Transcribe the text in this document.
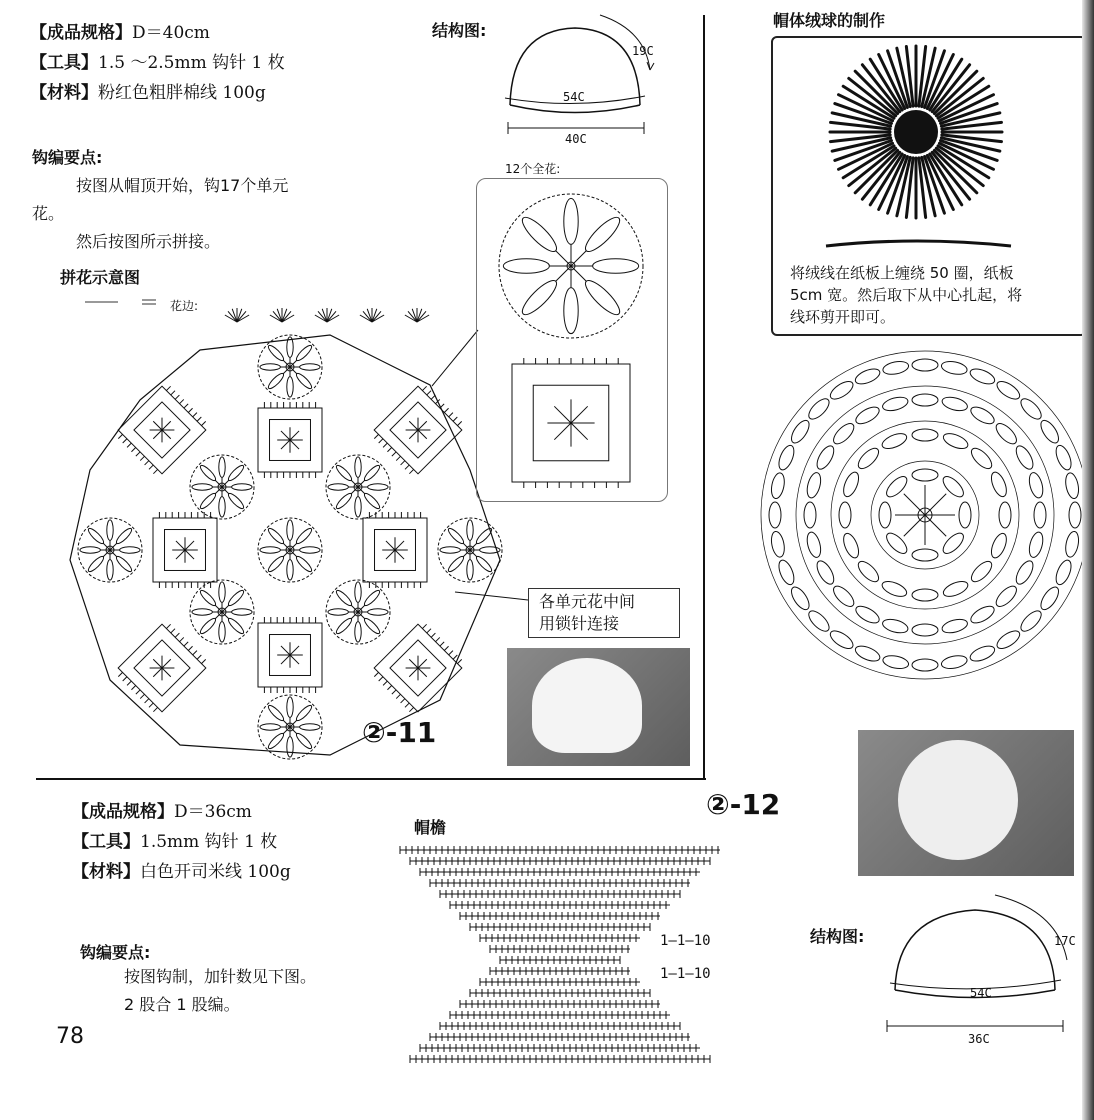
【成品规格】D＝40cm
【工具】1.5 ～2.5mm 钩针 1 枚
【材料】粉红色粗胖棉线 100g
钩编要点:
按图从帽顶开始，钩17个单元
花。
然后按图所示拼接。
结构图:
54C
19C
40C
拼花示意图
花边:
12个全花:
各单元花中间
用锁针连接
②-11
帽体绒球的制作
将绒线在纸板上缠绕 50 圈，纸板
5cm 宽。然后取下从中心扎起，将
线环剪开即可。
②-12
【成品规格】D＝36cm
【工具】1.5mm 钩针 1 枚
【材料】白色开司米线 100g
钩编要点:
按图钩制，加针数见下图。
2 股合 1 股编。
78
帽檐
1—1—10
1—1—10
结构图:
54C
17C
36C
